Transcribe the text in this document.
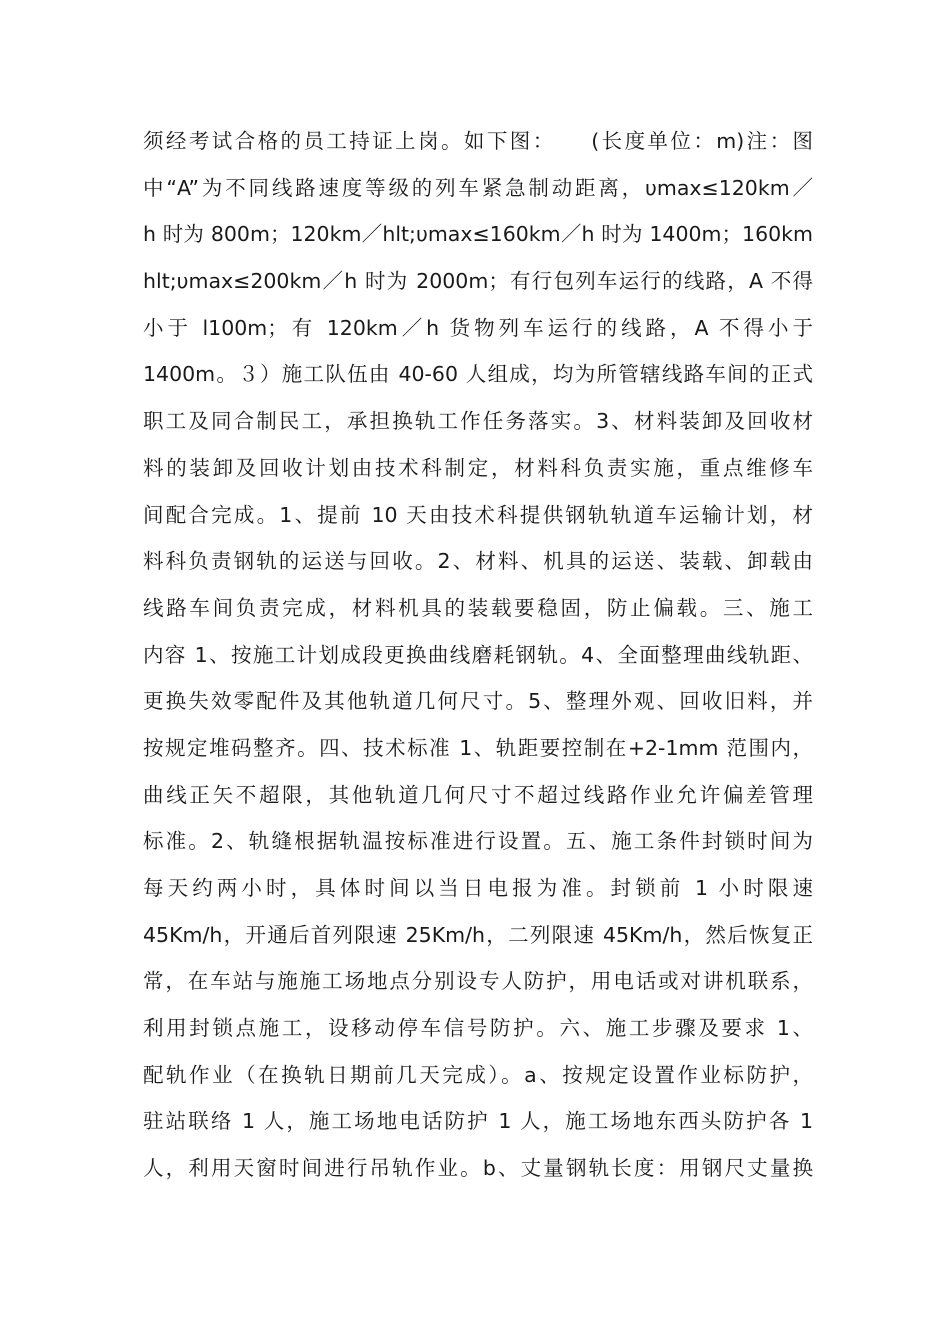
须经考试合格的员工持证上岗。如下图：　　(长度单位：m)注：图
中“A”为不同线路速度等级的列车紧急制动距离，υmax≤120km／
h 时为 800m；120km／hlt;υmax≤160km／h 时为 1400m；160km
hlt;υmax≤200km／h 时为 2000m；有行包列车运行的线路，A 不得
小于 l100m；有 120km／h 货物列车运行的线路，A 不得小于
1400m。３）施工队伍由 40-60 人组成，均为所管辖线路车间的正式
职工及同合制民工，承担换轨工作任务落实。3、材料装卸及回收材
料的装卸及回收计划由技术科制定，材料科负责实施，重点维修车
间配合完成。1、提前 10 天由技术科提供钢轨轨道车运输计划，材
料科负责钢轨的运送与回收。2、材料、机具的运送、装载、卸载由
线路车间负责完成，材料机具的装载要稳固，防止偏载。三、施工
内容 1、按施工计划成段更换曲线磨耗钢轨。4、全面整理曲线轨距、
更换失效零配件及其他轨道几何尺寸。5、整理外观、回收旧料，并
按规定堆码整齐。四、技术标准 1、轨距要控制在+2-1mm 范围内，
曲线正矢不超限，其他轨道几何尺寸不超过线路作业允许偏差管理
标准。2、轨缝根据轨温按标准进行设置。五、施工条件封锁时间为
每天约两小时，具体时间以当日电报为准。封锁前 1 小时限速
45Km/h，开通后首列限速 25Km/h，二列限速 45Km/h，然后恢复正
常，在车站与施施工场地点分别设专人防护，用电话或对讲机联系，
利用封锁点施工，设移动停车信号防护。六、施工步骤及要求 1、
配轨作业（在换轨日期前几天完成）。a、按规定设置作业标防护，
驻站联络 1 人，施工场地电话防护 1 人，施工场地东西头防护各 1
人，利用天窗时间进行吊轨作业。b、丈量钢轨长度：用钢尺丈量换
